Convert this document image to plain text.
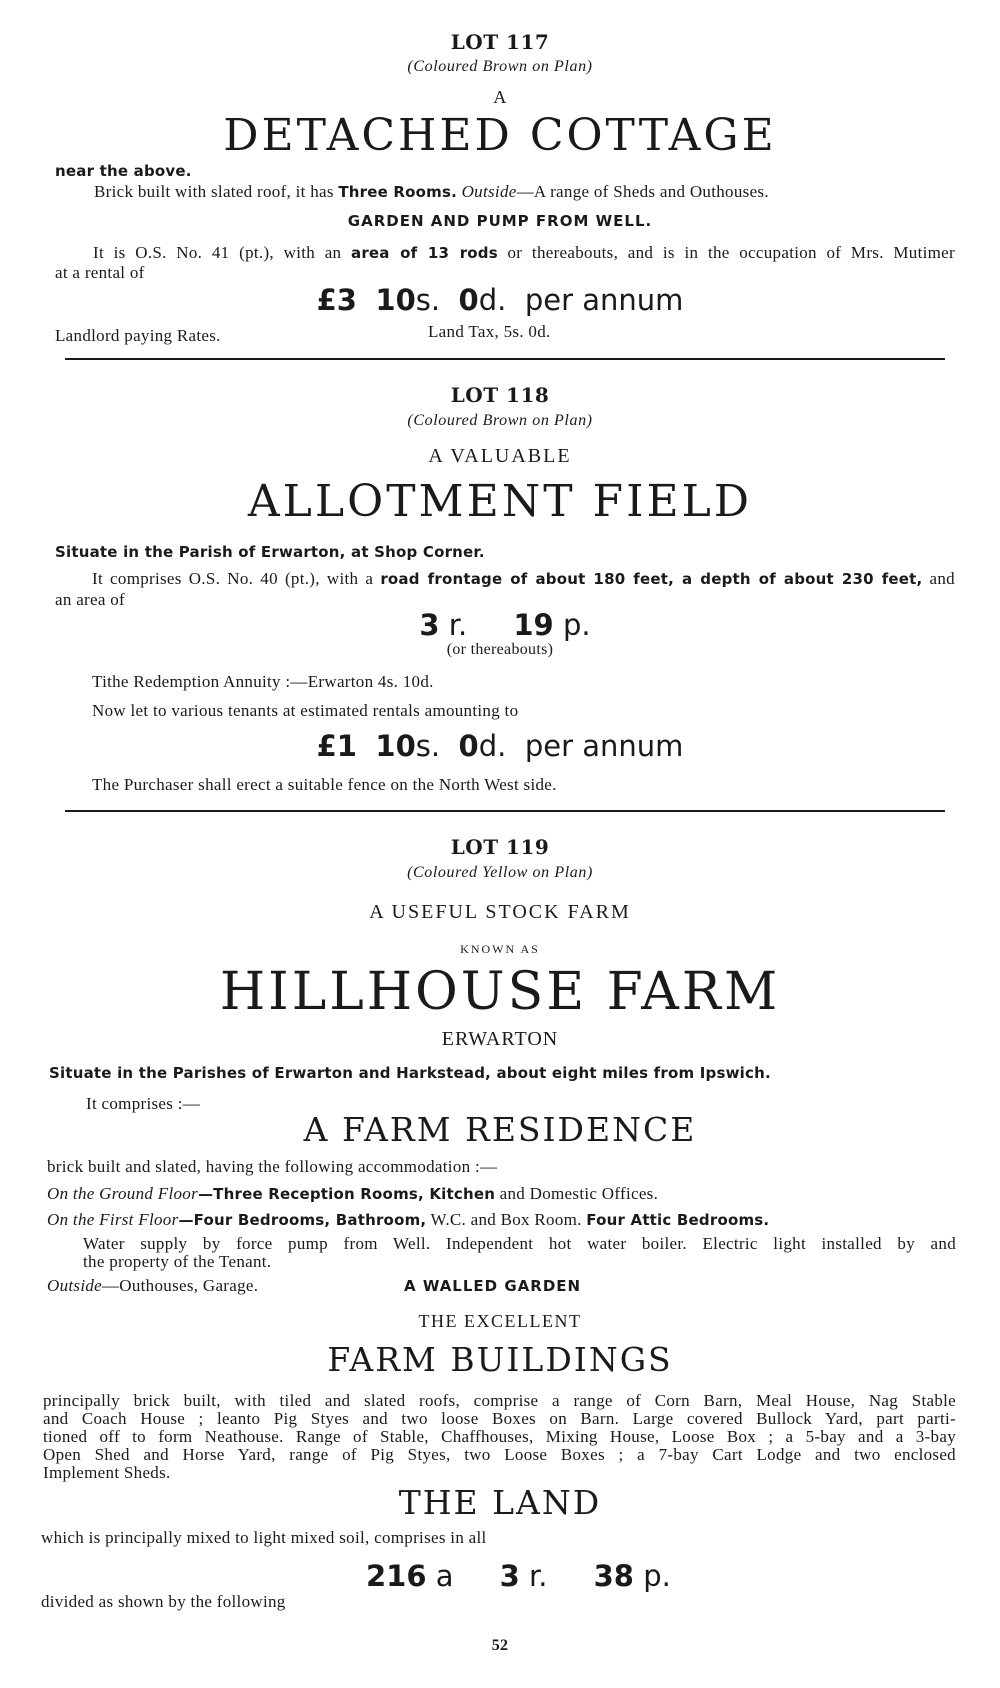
LOT 117
(Coloured Brown on Plan)
A
DETACHED COTTAGE
near the above.
Brick built with slated roof, it has Three Rooms. Outside—A range of Sheds and Outhouses.
GARDEN AND PUMP FROM WELL.
It is O.S. No. 41 (pt.), with an area of 13 rods or thereabouts, and is in the occupation of Mrs. Mutimer
at a rental of
£3 10s. 0d. per annum
Landlord paying Rates.	Land Tax, 5s. 0d.
LOT 118
(Coloured Brown on Plan)
A VALUABLE
ALLOTMENT FIELD
Situate in the Parish of Erwarton, at Shop Corner.
It comprises O.S. No. 40 (pt.), with a road frontage of about 180 feet, a depth of about 230 feet, and
an area of
3 r. 19 p.
(or thereabouts)
Tithe Redemption Annuity :—Erwarton 4s. 10d.
Now let to various tenants at estimated rentals amounting to
£1 10s. 0d. per annum
The Purchaser shall erect a suitable fence on the North West side.
LOT 119
(Coloured Yellow on Plan)
A USEFUL STOCK FARM
KNOWN AS
HILLHOUSE FARM
ERWARTON
Situate in the Parishes of Erwarton and Harkstead, about eight miles from Ipswich.
It comprises :—
A FARM RESIDENCE
brick built and slated, having the following accommodation :—
On the Ground Floor—Three Reception Rooms, Kitchen and Domestic Offices.
On the First Floor—Four Bedrooms, Bathroom, W.C. and Box Room. Four Attic Bedrooms.
Water supply by force pump from Well. Independent hot water boiler. Electric light installed by and
the property of the Tenant.
Outside—Outhouses, Garage.	A WALLED GARDEN
THE EXCELLENT
FARM BUILDINGS
principally brick built, with tiled and slated roofs, comprise a range of Corn Barn, Meal House, Nag Stable
and Coach House ; leanto Pig Styes and two loose Boxes on Barn. Large covered Bullock Yard, part parti-
tioned off to form Neathouse. Range of Stable, Chaffhouses, Mixing House, Loose Box ; a 5-bay and a 3-bay
Open Shed and Horse Yard, range of Pig Styes, two Loose Boxes ; a 7-bay Cart Lodge and two enclosed
Implement Sheds.
THE LAND
which is principally mixed to light mixed soil, comprises in all
216 a 3 r. 38 p.
divided as shown by the following
52
